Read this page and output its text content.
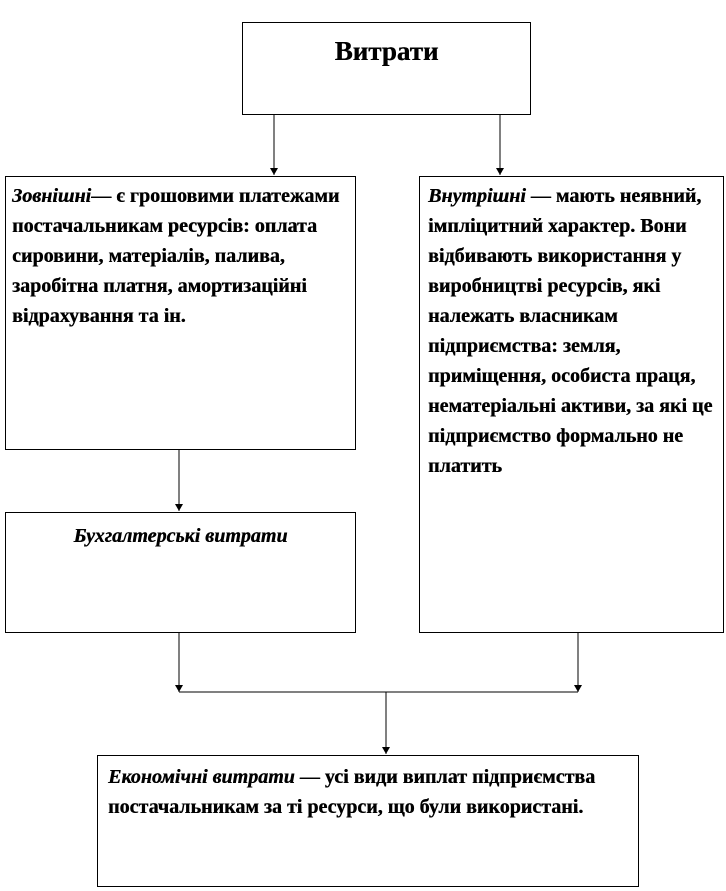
Витрати
Зовнішні— є грошовими платежами постачальникам ресурсів: оплата сировини, матеріалів, палива, заробітна платня, амортизаційні відрахування та ін.
Внутрішні — мають неявний, імпліцитний характер. Вони відбивають використання у виробництві ресурсів, які належать власникам підприємства: земля, приміщення, особиста праця, нематеріальні активи, за які це підприємство формально не платить
Бухгалтерські витрати
Економічні витрати — усі види виплат підприємства постачальникам за ті ресурси, що були використані.
